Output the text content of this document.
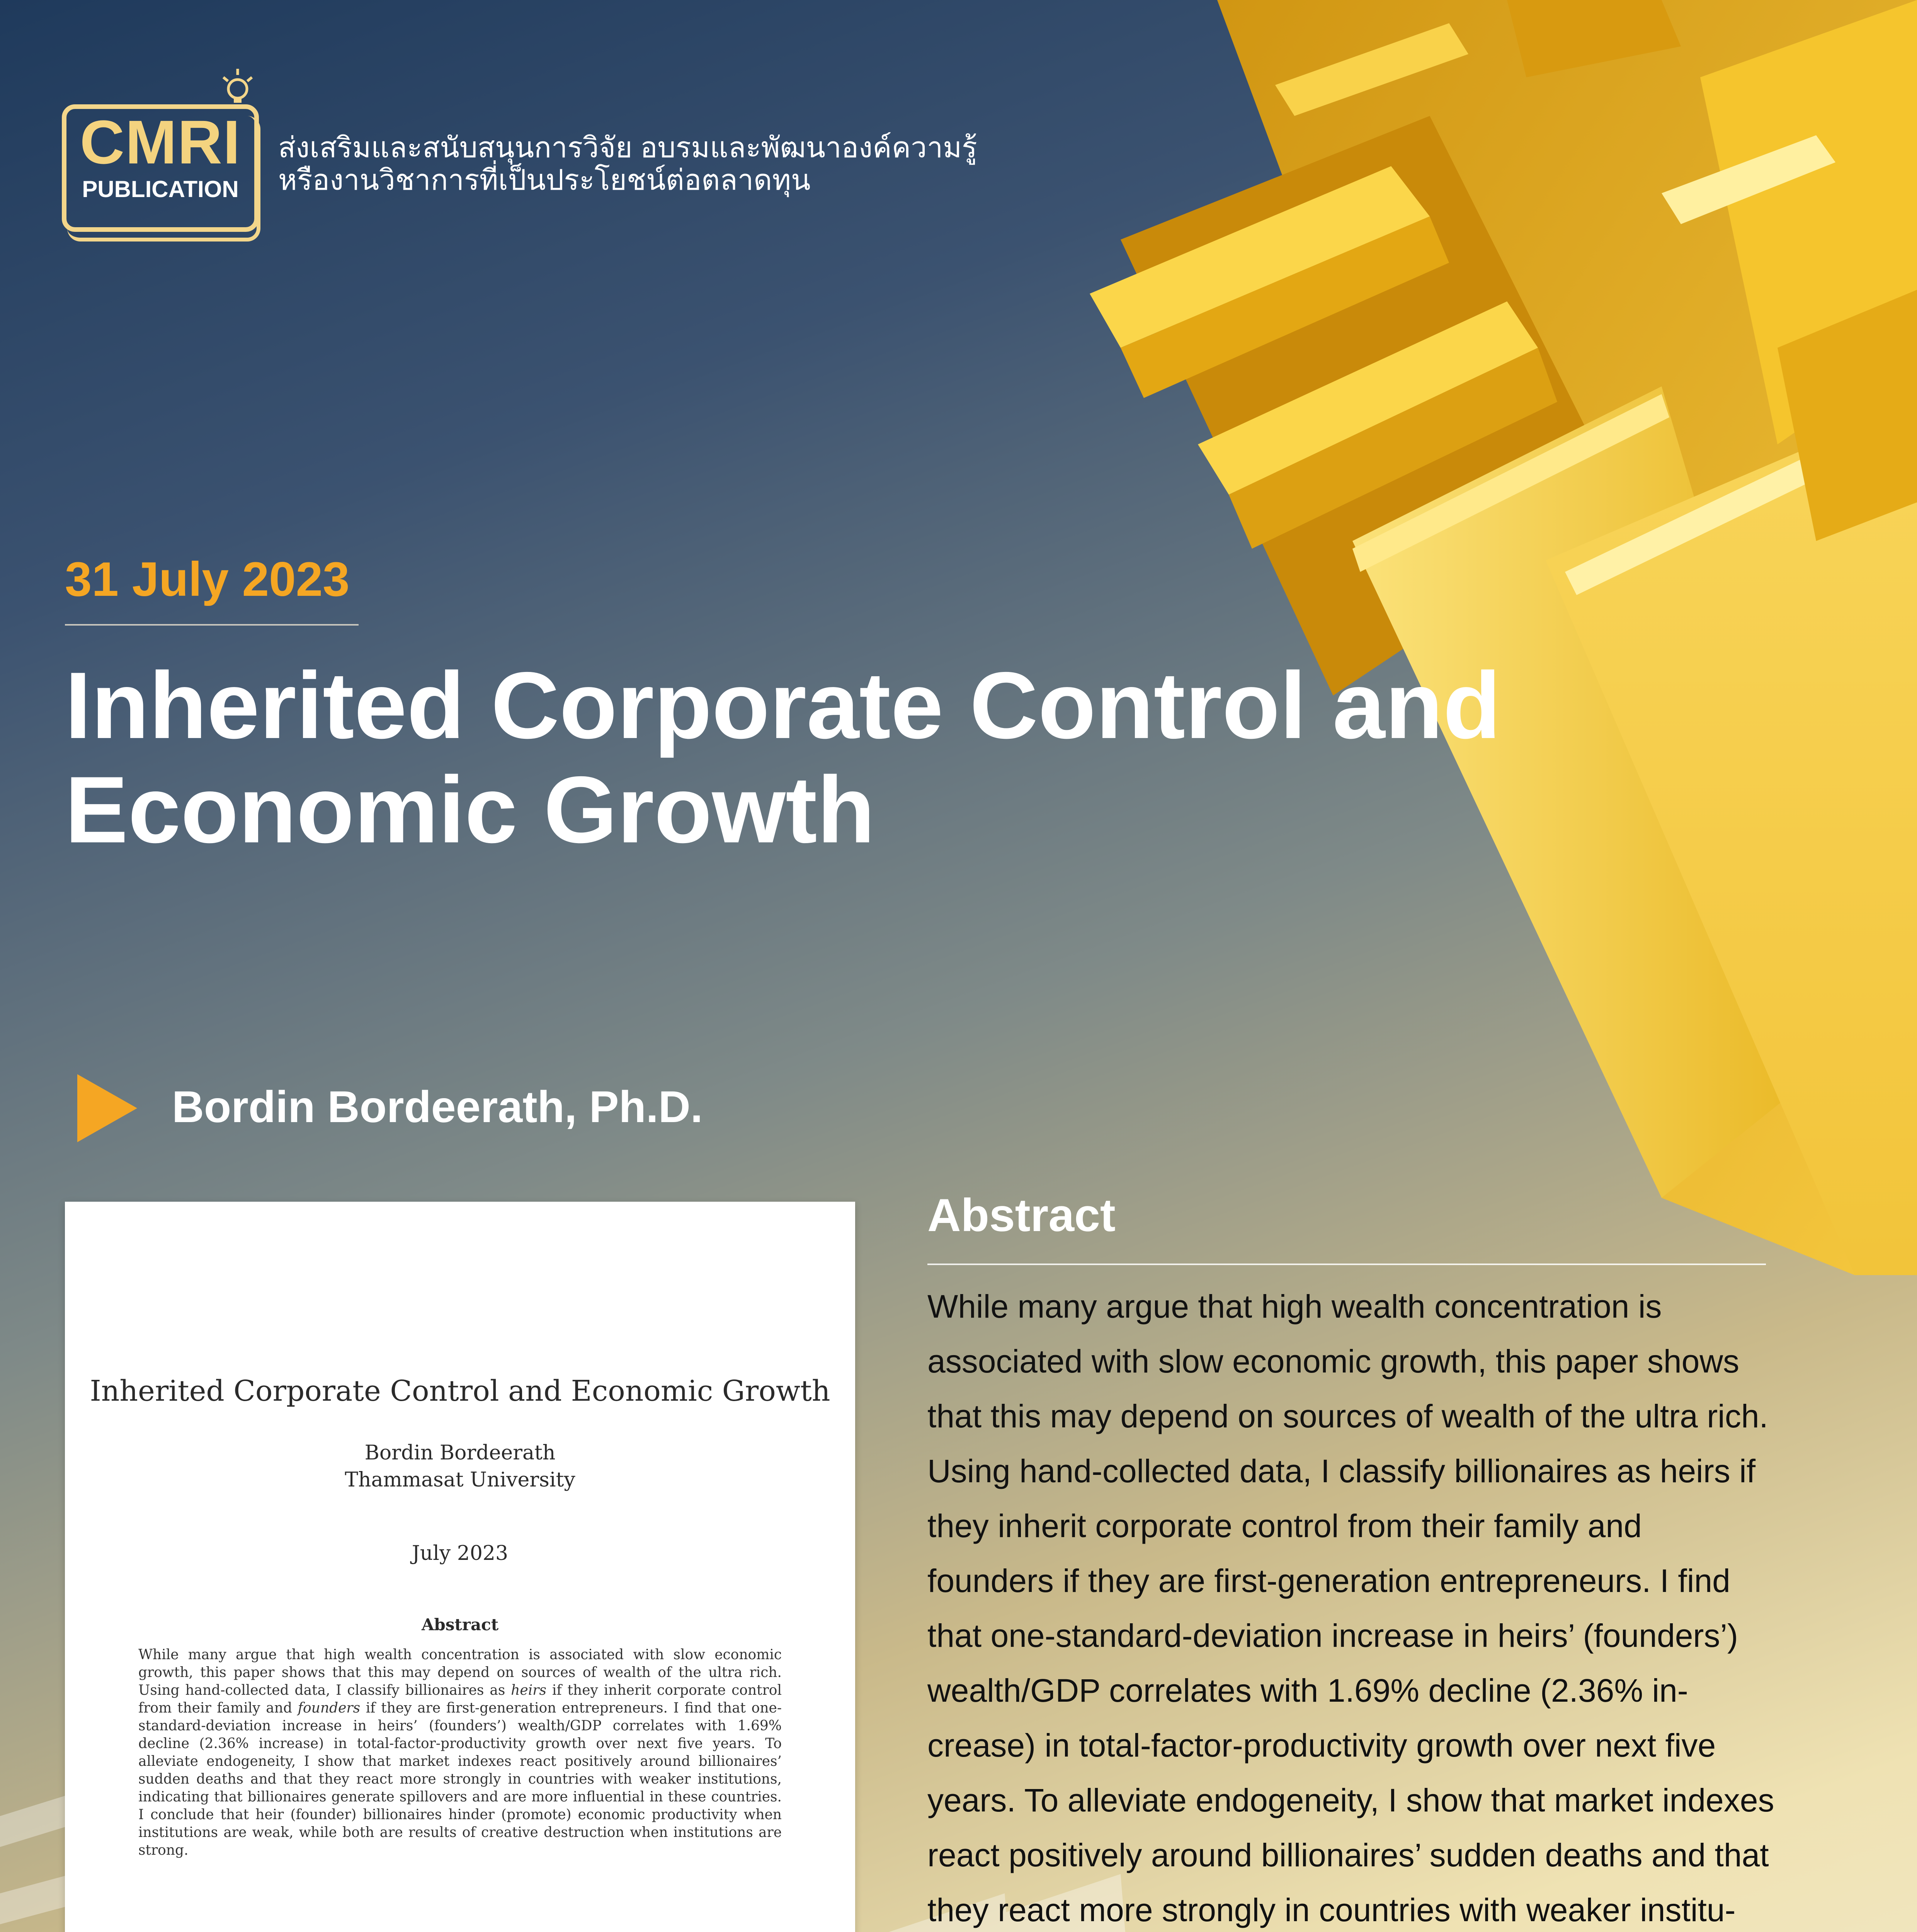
CMRI
PUBLICATION
ส่งเสริมและสนับสนุนการวิจัย อบรมและพัฒนาองค์ความรู้
หรืองานวิชาการที่เป็นประโยชน์ต่อตลาดทุน
31 July 2023
Inherited Corporate Control and
Economic Growth
Bordin Bordeerath, Ph.D.
Inherited Corporate Control and Economic Growth
Bordin Bordeerath
Thammasat University
July 2023
Abstract
While many argue that high wealth concentration is associated with slow economic growth, this paper shows that this may depend on sources of wealth of the ultra rich. Using hand-collected data, I classify billionaires as heirs if they inherit corporate control from their family and founders if they are first-generation entrepreneurs. I find that one-standard-deviation increase in heirs’ (founders’) wealth/GDP correlates with 1.69% decline (2.36% increase) in total-factor-productivity growth over next five years. To alleviate endogeneity, I show that market indexes react positively around billionaires’ sudden deaths and that they react more strongly in countries with weaker institutions, indicating that billionaires generate spillovers and are more influential in these countries. I conclude that heir (founder) billionaires hinder (promote) economic productivity when institutions are weak, while both are results of creative destruction when institutions are strong.
Abstract
While many argue that high wealth concentration is
associated with slow economic growth, this paper shows
that this may depend on sources of wealth of the ultra rich.
Using hand-collected data, I classify billionaires as heirs if
they inherit corporate control from their family and
founders if they are first-generation entrepreneurs. I find
that one-standard-deviation increase in heirs’ (founders’)
wealth/GDP correlates with 1.69% decline (2.36% in-
crease) in total-factor-productivity growth over next five
years. To alleviate endogeneity, I show that market indexes
react positively around billionaires’ sudden deaths and that
they react more strongly in countries with weaker institu-
